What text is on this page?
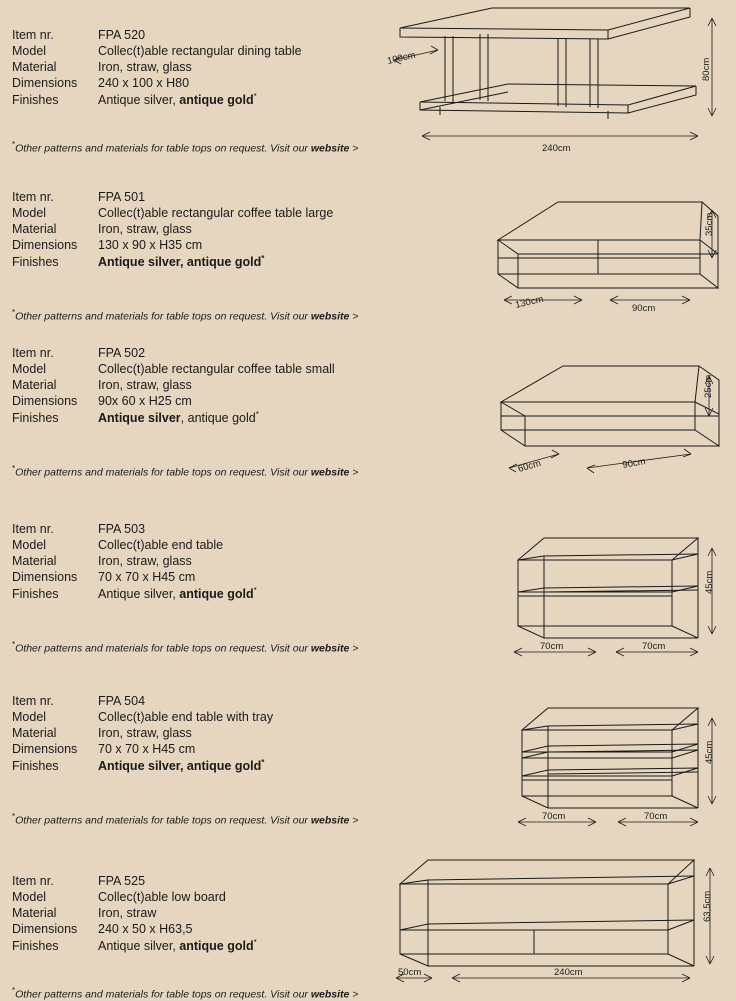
Item nr.	FPA 520
Model	Collec(t)able rectangular dining table
Material	Iron, straw, glass
Dimensions	240 x 100 x H80
Finishes	Antique silver, antique gold*
*Other patterns and materials for table tops on request. Visit our website >
100cm	80cm
240cm
Item nr.	FPA 501
Model	Collec(t)able rectangular coffee table large
Material	Iron, straw, glass
Dimensions	130 x 90 x H35 cm
Finishes	Antique silver, antique gold*
*Other patterns and materials for table tops on request. Visit our website >
35cm
130cm	90cm
Item nr.	FPA 502
Model	Collec(t)able rectangular coffee table small
Material	Iron, straw, glass
Dimensions	90x 60 x H25 cm
Finishes	Antique silver, antique gold*
*Other patterns and materials for table tops on request. Visit our website >
25cm
60cm	90cm
Item nr.	FPA 503
Model	Collec(t)able end table
Material	Iron, straw, glass
Dimensions	70 x 70 x H45 cm
Finishes	Antique silver, antique gold*
*Other patterns and materials for table tops on request. Visit our website >
45cm
70cm	70cm
Item nr.	FPA 504
Model	Collec(t)able end table with tray
Material	Iron, straw, glass
Dimensions	70 x 70 x H45 cm
Finishes	Antique silver, antique gold*
*Other patterns and materials for table tops on request. Visit our website >
45cm
70cm	70cm
Item nr.	FPA 525
Model	Collec(t)able low board
Material	Iron, straw
Dimensions	240 x 50 x H63,5
Finishes	Antique silver, antique gold*
*Other patterns and materials for table tops on request. Visit our website >
63,5cm
50cm	240cm
